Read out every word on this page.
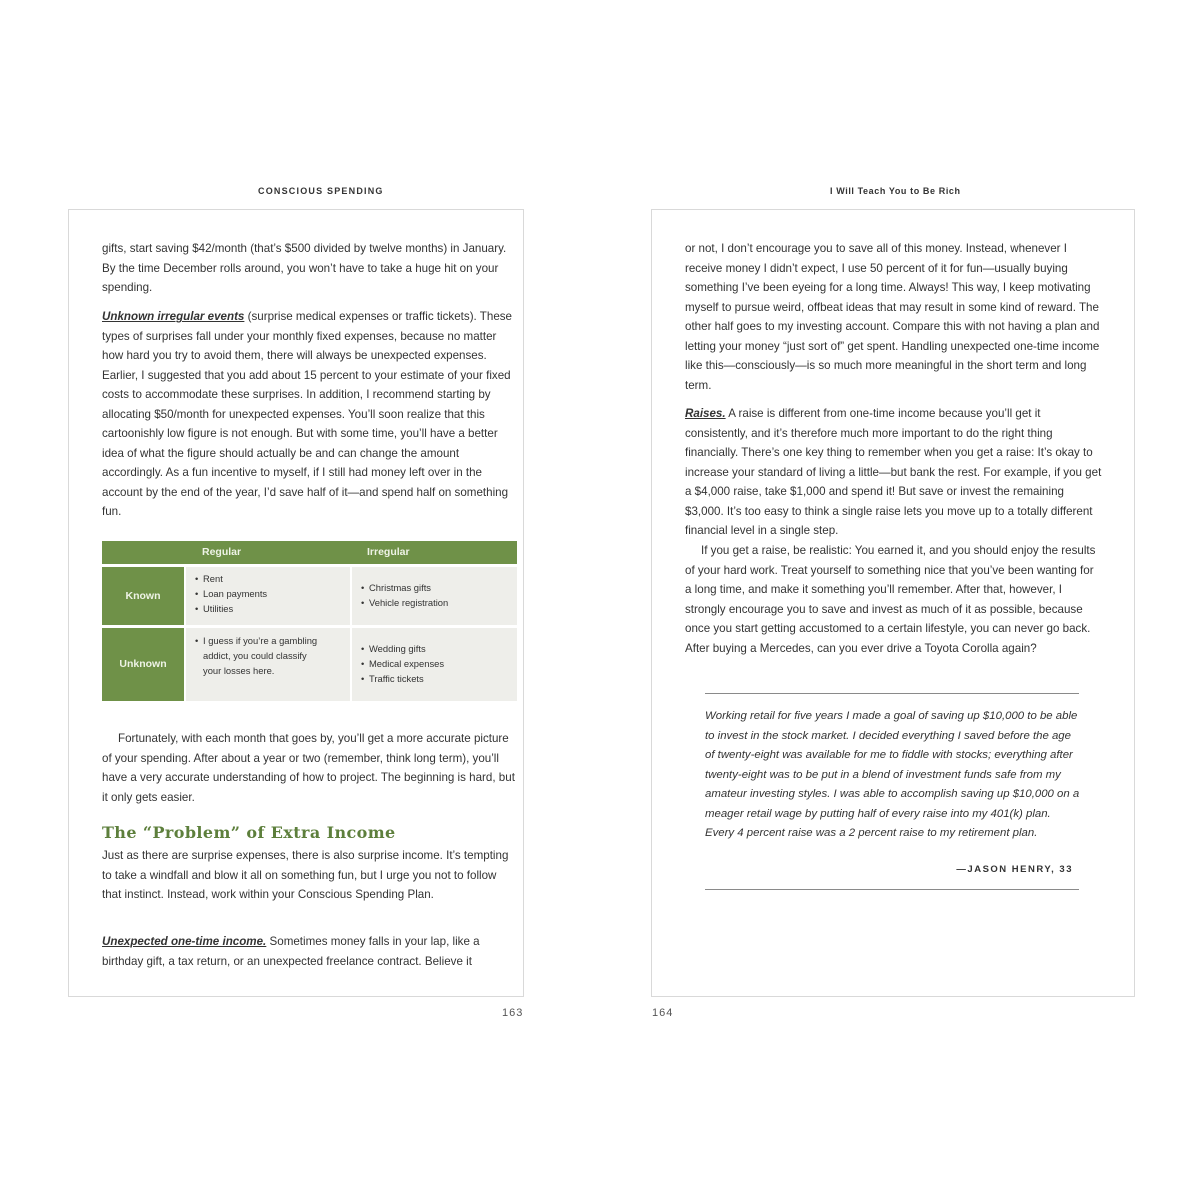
CONSCIOUS SPENDING	I Will Teach You to Be Rich

gifts, start saving $42/month (that’s $500 divided by twelve months) in January. By the time December rolls around, you won’t have to take a huge hit on your spending.

Unknown irregular events (surprise medical expenses or traffic tickets). These types of surprises fall under your monthly fixed expenses, because no matter how hard you try to avoid them, there will always be unexpected expenses. Earlier, I suggested that you add about 15 percent to your estimate of your fixed costs to accommodate these surprises. In addition, I recommend starting by allocating $50/month for unexpected expenses. You’ll soon realize that this cartoonishly low figure is not enough. But with some time, you’ll have a better idea of what the figure should actually be and can change the amount accordingly. As a fun incentive to myself, if I still had money left over in the account by the end of the year, I’d save half of it—and spend half on something fun.

Regular	Irregular
Known
Unknown
• Rent
• Loan payments
• Utilities
• Christmas gifts
• Vehicle registration
• I guess if you’re a gambling addict, you could classify your losses here.
• Wedding gifts
• Medical expenses
• Traffic tickets

Fortunately, with each month that goes by, you’ll get a more accurate picture of your spending. After about a year or two (remember, think long term), you’ll have a very accurate understanding of how to project. The beginning is hard, but it only gets easier.

The “Problem” of Extra Income

Just as there are surprise expenses, there is also surprise income. It’s tempting to take a windfall and blow it all on something fun, but I urge you not to follow that instinct. Instead, work within your Conscious Spending Plan.

Unexpected one-time income. Sometimes money falls in your lap, like a birthday gift, a tax return, or an unexpected freelance contract. Believe it

163

or not, I don’t encourage you to save all of this money. Instead, whenever I receive money I didn’t expect, I use 50 percent of it for fun—usually buying something I’ve been eyeing for a long time. Always! This way, I keep motivating myself to pursue weird, offbeat ideas that may result in some kind of reward. The other half goes to my investing account. Compare this with not having a plan and letting your money “just sort of” get spent. Handling unexpected one-time income like this—consciously—is so much more meaningful in the short term and long term.

Raises. A raise is different from one-time income because you’ll get it consistently, and it’s therefore much more important to do the right thing financially. There’s one key thing to remember when you get a raise: It’s okay to increase your standard of living a little—but bank the rest. For example, if you get a $4,000 raise, take $1,000 and spend it! But save or invest the remaining $3,000. It’s too easy to think a single raise lets you move up to a totally different financial level in a single step.

If you get a raise, be realistic: You earned it, and you should enjoy the results of your hard work. Treat yourself to something nice that you’ve been wanting for a long time, and make it something you’ll remember. After that, however, I strongly encourage you to save and invest as much of it as possible, because once you start getting accustomed to a certain lifestyle, you can never go back. After buying a Mercedes, can you ever drive a Toyota Corolla again?

Working retail for five years I made a goal of saving up $10,000 to be able to invest in the stock market. I decided everything I saved before the age of twenty-eight was available for me to fiddle with stocks; everything after twenty-eight was to be put in a blend of investment funds safe from my amateur investing styles. I was able to accomplish saving up $10,000 on a meager retail wage by putting half of every raise into my 401(k) plan. Every 4 percent raise was a 2 percent raise to my retirement plan.

—JASON HENRY, 33
164
